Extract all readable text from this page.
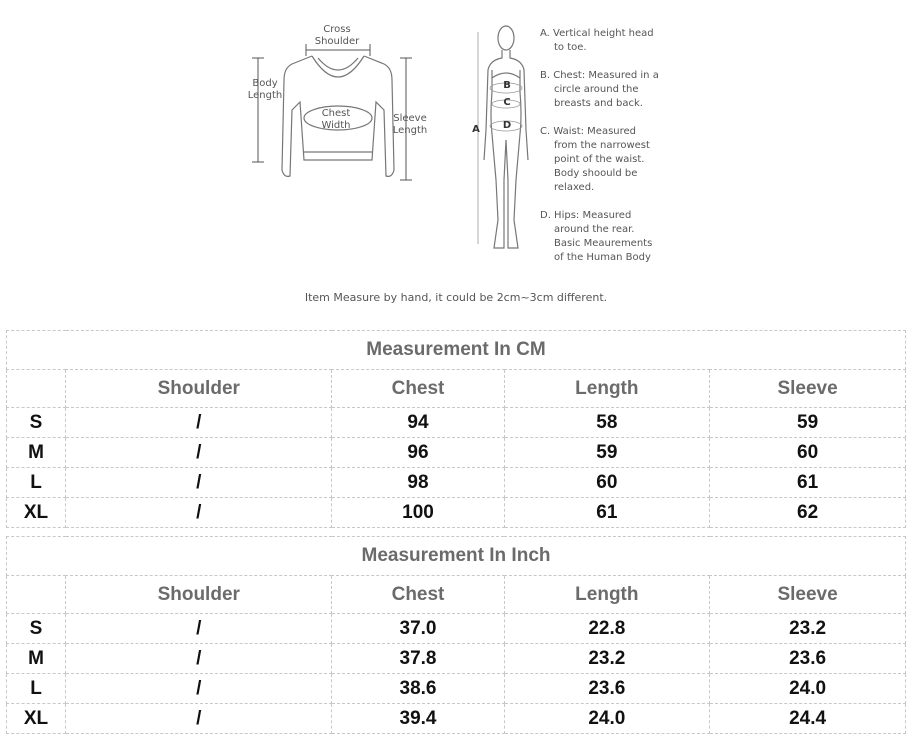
Cross
Shoulder
Body
Length
Chest
Width
Sleeve
Length	A
B
C
D
A. Vertical height head
to toe.
B. Chest: Measured in a
circle around the
breasts and back.
C. Waist: Measured
from the narrowest
point of the waist.
Body shoould be
relaxed.
D. Hips: Measured
around the rear.
Basic Meaurements
of the Human Body
Item Measure by hand, it could be 2cm~3cm different.
Measurement In CM				
	Shoulder	Chest	Length	Sleeve
S	/	94	58	59
M	/	96	59	60
L	/	98	60	61
XL	/	100	61	62
Measurement In Inch				
	Shoulder	Chest	Length	Sleeve
S	/	37.0	22.8	23.2
M	/	37.8	23.2	23.6
L	/	38.6	23.6	24.0
XL	/	39.4	24.0	24.4
